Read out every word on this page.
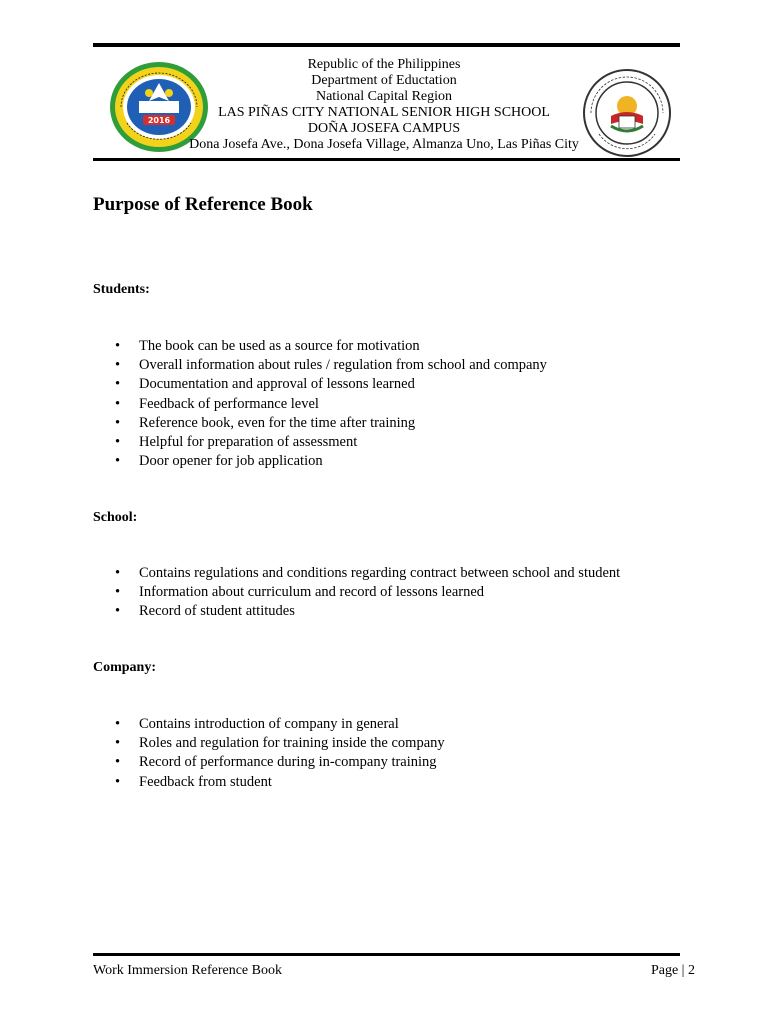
2016
Republic of the Philippines
Department of Eductation
National Capital Region
LAS PIÑAS CITY NATIONAL SENIOR HIGH SCHOOL
DOÑA JOSEFA CAMPUS
Dona Josefa Ave., Dona Josefa Village, Almanza Uno, Las Piñas City
Purpose of Reference Book
Students:
• The book can be used as a source for motivation
• Overall information about rules / regulation from school and company
• Documentation and approval of lessons learned
• Feedback of performance level
• Reference book, even for the time after training
• Helpful for preparation of assessment
• Door opener for job application
School:
• Contains regulations and conditions regarding contract between school and student
• Information about curriculum and record of lessons learned
• Record of student attitudes
Company:
• Contains introduction of company in general
• Roles and regulation for training inside the company
• Record of performance during in-company training
• Feedback from student
Work Immersion Reference Book	Page | 2
